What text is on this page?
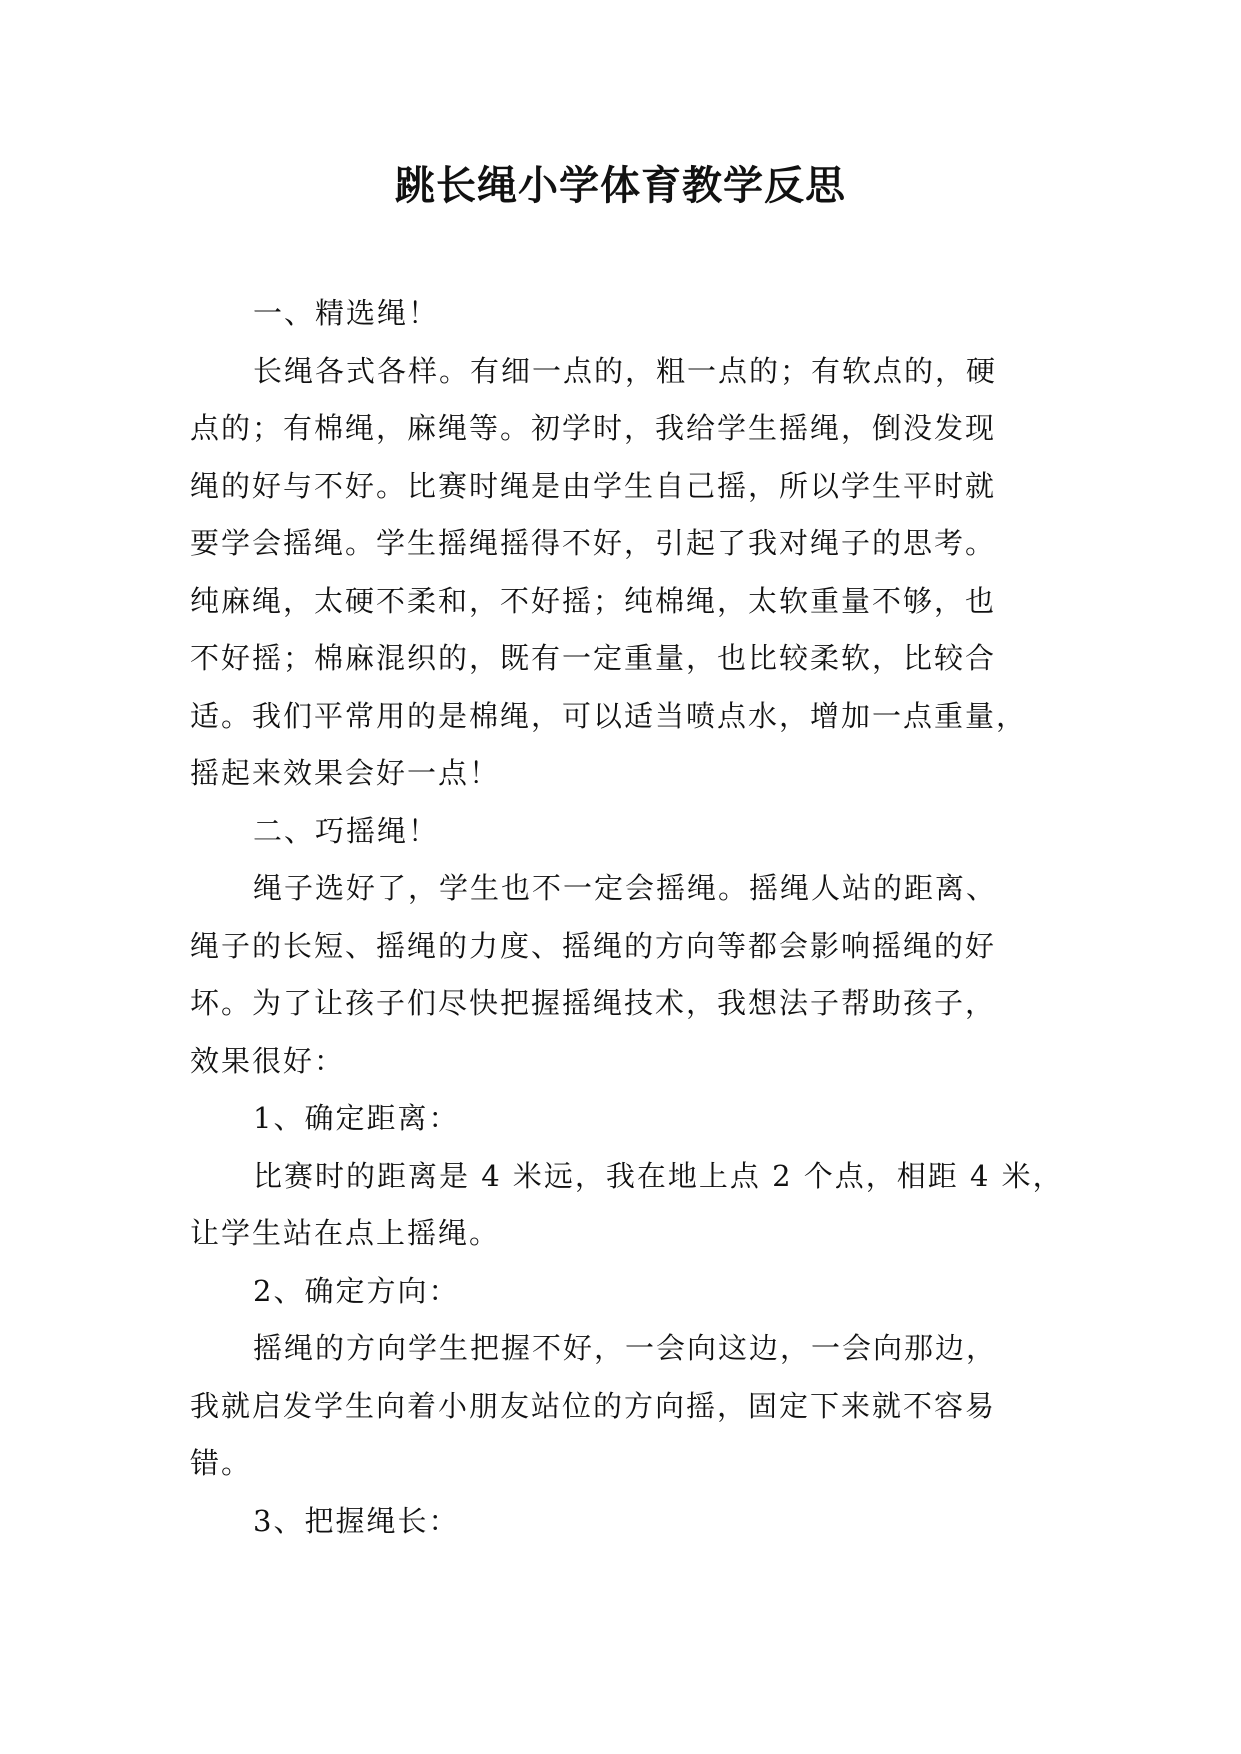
跳长绳小学体育教学反思
一、精选绳！
长绳各式各样。有细一点的，粗一点的；有软点的，硬
点的；有棉绳，麻绳等。初学时，我给学生摇绳，倒没发现
绳的好与不好。比赛时绳是由学生自己摇，所以学生平时就
要学会摇绳。学生摇绳摇得不好，引起了我对绳子的思考。
纯麻绳，太硬不柔和，不好摇；纯棉绳，太软重量不够，也
不好摇；棉麻混织的，既有一定重量，也比较柔软，比较合
适。我们平常用的是棉绳，可以适当喷点水，增加一点重量，
摇起来效果会好一点！
二、巧摇绳！
绳子选好了，学生也不一定会摇绳。摇绳人站的距离、
绳子的长短、摇绳的力度、摇绳的方向等都会影响摇绳的好
坏。为了让孩子们尽快把握摇绳技术，我想法子帮助孩子，
效果很好：
1、确定距离：
比赛时的距离是 4 米远，我在地上点 2 个点，相距 4 米，
让学生站在点上摇绳。
2、确定方向：
摇绳的方向学生把握不好，一会向这边，一会向那边，
我就启发学生向着小朋友站位的方向摇，固定下来就不容易
错。
3、把握绳长：
